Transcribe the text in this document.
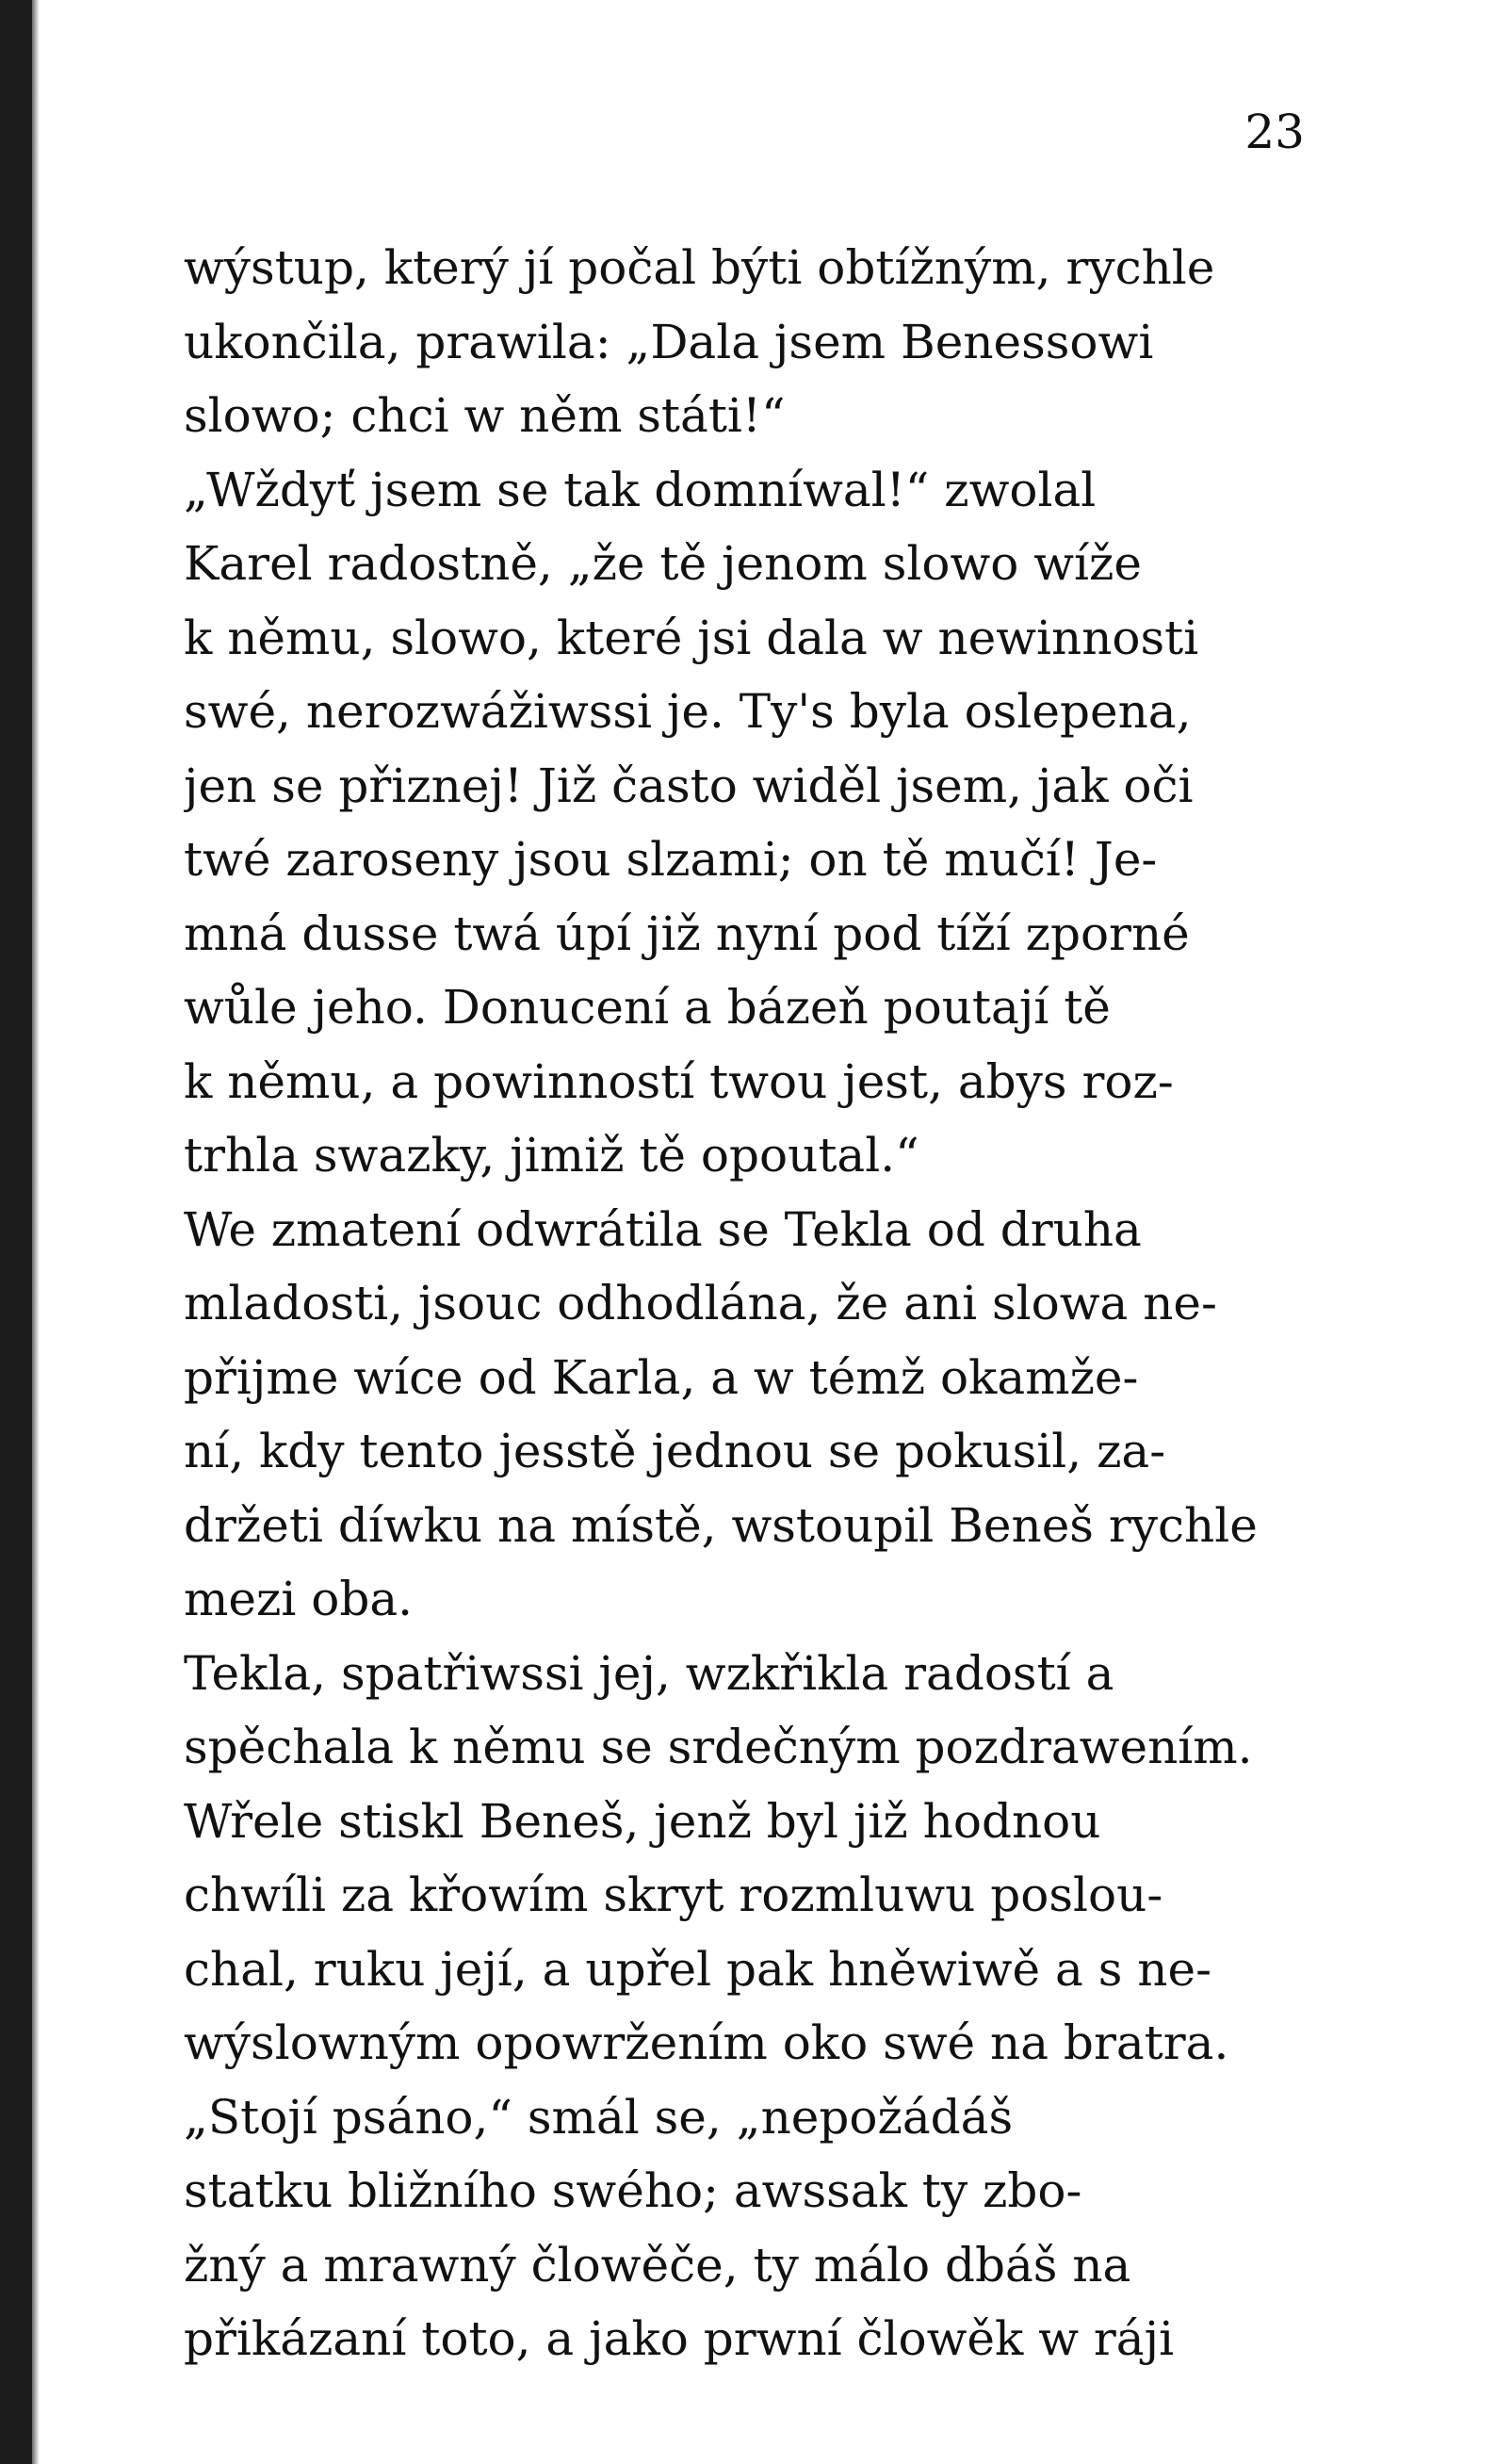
23
wýstup, který jí počal býti obtížným, rychle
ukončila, prawila: „Dala jsem Benessowi
slowo; chci w něm státi!“
„Wždyť jsem se tak domníwal!“ zwolal
Karel radostně, „že tě jenom slowo wíže
k němu, slowo, které jsi dala w newinnosti
swé, nerozwážiwssi je. Ty's byla oslepena,
jen se přiznej! Již často widěl jsem, jak oči
twé zaroseny jsou slzami; on tě mučí! Je-
mná dusse twá úpí již nyní pod tíží zporné
wůle jeho. Donucení a bázeň poutají tě
k němu, a powinností twou jest, abys roz-
trhla swazky, jimiž tě opoutal.“
We zmatení odwrátila se Tekla od druha
mladosti, jsouc odhodlána, že ani slowa ne-
přijme wíce od Karla, a w témž okamže-
ní, kdy tento jesstě jednou se pokusil, za-
držeti díwku na místě, wstoupil Beneš rychle
mezi oba.
Tekla, spatřiwssi jej, wzkřikla radostí a
spěchala k němu se srdečným pozdrawením.
Wřele stiskl Beneš, jenž byl již hodnou
chwíli za křowím skryt rozmluwu poslou-
chal, ruku její, a upřel pak hněwiwě a s ne-
wýslowným opowržením oko swé na bratra.
„Stojí psáno,“ smál se, „nepožádáš
statku bližního swého; awssak ty zbo-
žný a mrawný člowěče, ty málo dbáš na
přikázaní toto, a jako prwní člowěk w ráji
